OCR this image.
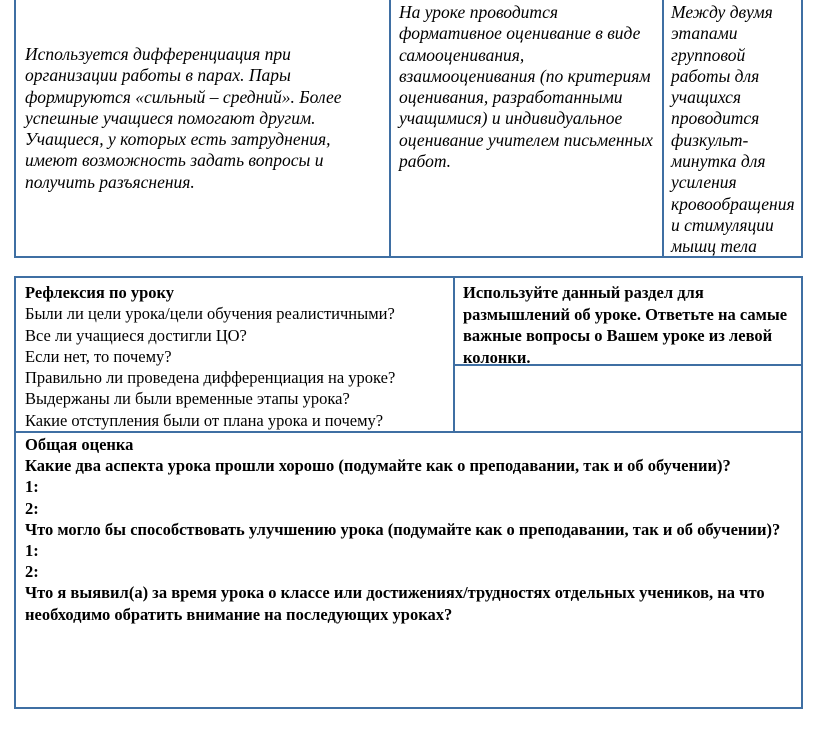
Используется дифференциация при организации работы в парах. Пары формируются «сильный – средний». Более успешные учащиеся помогают другим. Учащиеся, у которых есть затруднения, имеют возможность задать вопросы и получить разъяснения.
На уроке проводится формативное оценивание в виде самооценивания, взаимооценивания (по критериям оценивания, разработанными учащимися) и индивидуальное оценивание учителем письменных работ.
Между двумя этапами групповой работы для учащихся проводится физкульт-минутка для усиления кровообращения и стимуляции мышц тела
Рефлексия по уроку
Были ли цели урока/цели обучения реалистичными?
Все ли учащиеся достигли ЦО?
Если нет, то почему?
Правильно ли проведена дифференциация на уроке?
Выдержаны ли были временные этапы урока?
Какие отступления были от плана урока и почему?
Используйте данный раздел для размышлений об уроке. Ответьте на самые важные вопросы о Вашем уроке из левой колонки.
Общая оценка
Какие два аспекта урока прошли хорошо (подумайте как о преподавании, так и об обучении)?
1:
2:
Что могло бы способствовать улучшению урока (подумайте как о преподавании, так и об обучении)?
1:
2:
Что я выявил(а) за время урока о классе или достижениях/трудностях отдельных учеников, на что необходимо обратить внимание на последующих уроках?
